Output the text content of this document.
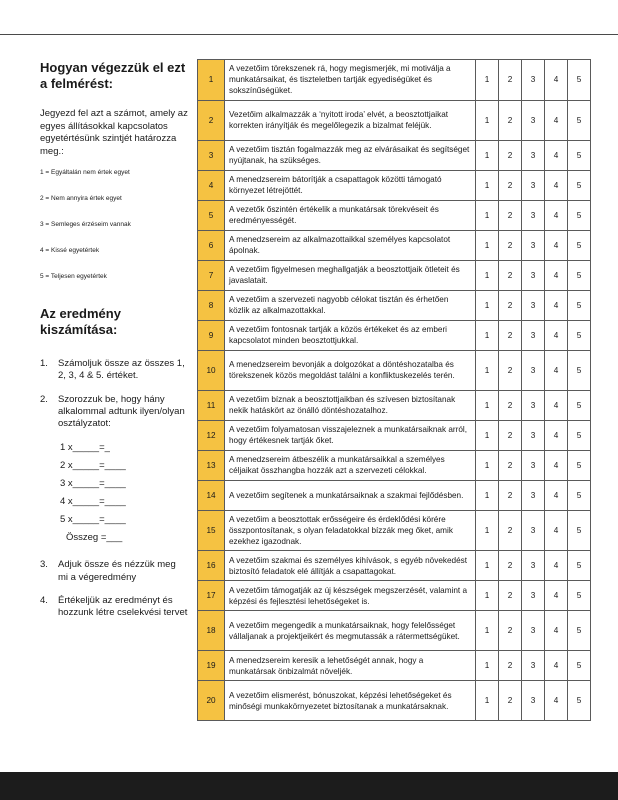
Hogyan végezzük el ezt a felmérést:

Jegyezd fel azt a számot, amely az egyes állításokkal kapcsolatos egyetértésünk szintjét határozza meg.:

1 = Egyáltalán nem értek egyet
2 = Nem annyira értek egyet
3 = Semleges érzéseim vannak
4 = Kissé egyetértek
5 = Teljesen egyetértek
Az eredmény kiszámítása:
1. Számoljuk össze az összes 1, 2, 3, 4 & 5. értéket.
2. Szorozzuk be, hogy hány alkalommal adtunk ilyen/olyan osztályzatot:
1 x_____=_
2 x_____=____
3 x_____=____
4 x_____=____
5 x_____=____
Összeg =___
3. Adjuk össze és nézzük meg mi a végeredmény
4. Értékeljük az eredményt és hozzunk létre cselekvési tervet
1	A vezetőim törekszenek rá, hogy megismerjék, mi motiválja a munkatársaikat, és tiszteletben tartják egyediségüket és sokszínűségüket.	1	2	3	4	5
2	Vezetőim alkalmazzák a ‘nyitott iroda’ elvét, a beosztottjaikat korrekten irányítják és megelőlegezik a bizalmat feléjük.	1	2	3	4	5
3	A vezetőim tisztán fogalmazzák meg az elvárásaikat és segítséget nyújtanak, ha szükséges.	1	2	3	4	5
4	A menedzsereim bátorítják a csapattagok közötti támogató környezet létrejöttét.	1	2	3	4	5
5	A vezetők őszintén értékelik a munkatársak törekvéseit és eredményességét.	1	2	3	4	5
6	A menedzsereim az alkalmazottaikkal személyes kapcsolatot ápolnak.	1	2	3	4	5
7	A vezetőim figyelmesen meghallgatják a beosztottjaik ötleteit és javaslatait.	1	2	3	4	5
8	A vezetőim a szervezeti nagyobb célokat tisztán és érhetően közlik az alkalmazottakkal.	1	2	3	4	5
9	A vezetőim fontosnak tartják a közös értékeket és az emberi kapcsolatot minden beosztottjukkal.	1	2	3	4	5
10	A menedzsereim bevonják a dolgozókat a döntéshozatalba és törekszenek közös megoldást találni a konfliktuskezelés terén.	1	2	3	4	5
11	A vezetőim bíznak a beosztottjaikban és szívesen biztosítanak nekik hatáskört az önálló döntéshozatalhoz.	1	2	3	4	5
12	A vezetőim folyamatosan visszajeleznek a munkatársaiknak arról, hogy értékesnek tartják őket.	1	2	3	4	5
13	A menedzsereim átbeszélik a munkatársaikkal a személyes céljaikat összhangba hozzák azt a szervezeti célokkal.	1	2	3	4	5
14	A vezetőim segítenek a munkatársaiknak a szakmai fejlődésben.	1	2	3	4	5
15	A vezetőim a beosztottak erősségeire és érdeklődési körére összpontosítanak, s olyan feladatokkal bízzák meg őket, amik ezekhez igazodnak.	1	2	3	4	5
16	A vezetőim szakmai és személyes kihívások, s egyéb növekedést biztosító feladatok elé állítják a csapattagokat.	1	2	3	4	5
17	A vezetőim támogatják az új készségek megszerzését, valamint a képzési és fejlesztési lehetőségeket is.	1	2	3	4	5
18	A vezetőim megengedik a munkatársaiknak, hogy felelősséget vállaljanak a projektjeikért és megmutassák a rátermettségüket.	1	2	3	4	5
19	A menedzsereim keresik a lehetőségét annak, hogy a munkatársak önbizalmát növeljék.	1	2	3	4	5
20	A vezetőim elismerést, bónuszokat, képzési lehetőségeket és minőségi munkakörnyezetet biztosítanak a munkatársaknak.	1	2	3	4	5
